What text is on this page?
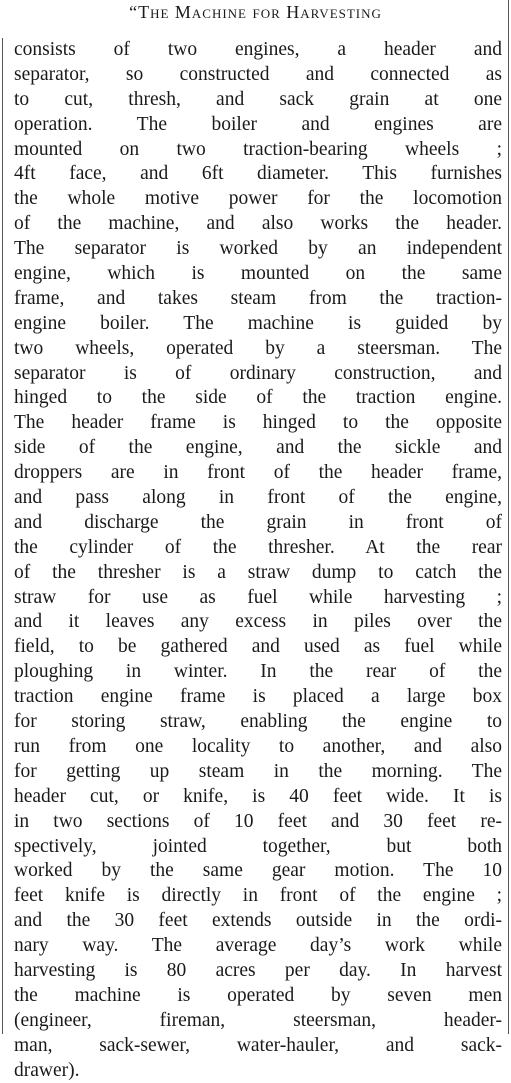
“The Machine for Harvesting
consists of two engines, a header and
separator, so constructed and connected as
to cut, thresh, and sack grain at one
operation. The boiler and engines are
mounted on two traction-bearing wheels ;
4ft face, and 6ft diameter. This furnishes
the whole motive power for the locomotion
of the machine, and also works the header.
The separator is worked by an independent
engine, which is mounted on the same
frame, and takes steam from the traction-
engine boiler. The machine is guided by
two wheels, operated by a steersman. The
separator is of ordinary construction, and
hinged to the side of the traction engine.
The header frame is hinged to the opposite
side of the engine, and the sickle and
droppers are in front of the header frame,
and pass along in front of the engine,
and discharge the grain in front of
the cylinder of the thresher. At the rear
of the thresher is a straw dump to catch the
straw for use as fuel while harvesting ;
and it leaves any excess in piles over the
field, to be gathered and used as fuel while
ploughing in winter. In the rear of the
traction engine frame is placed a large box
for storing straw, enabling the engine to
run from one locality to another, and also
for getting up steam in the morning. The
header cut, or knife, is 40 feet wide. It is
in two sections of 10 feet and 30 feet re-
spectively, jointed together, but both
worked by the same gear motion. The 10
feet knife is directly in front of the engine ;
and the 30 feet extends outside in the ordi-
nary way. The average day’s work while
harvesting is 80 acres per day. In harvest
the machine is operated by seven men
(engineer, fireman, steersman, header-
man, sack-sewer, water-hauler, and sack-
drawer).
